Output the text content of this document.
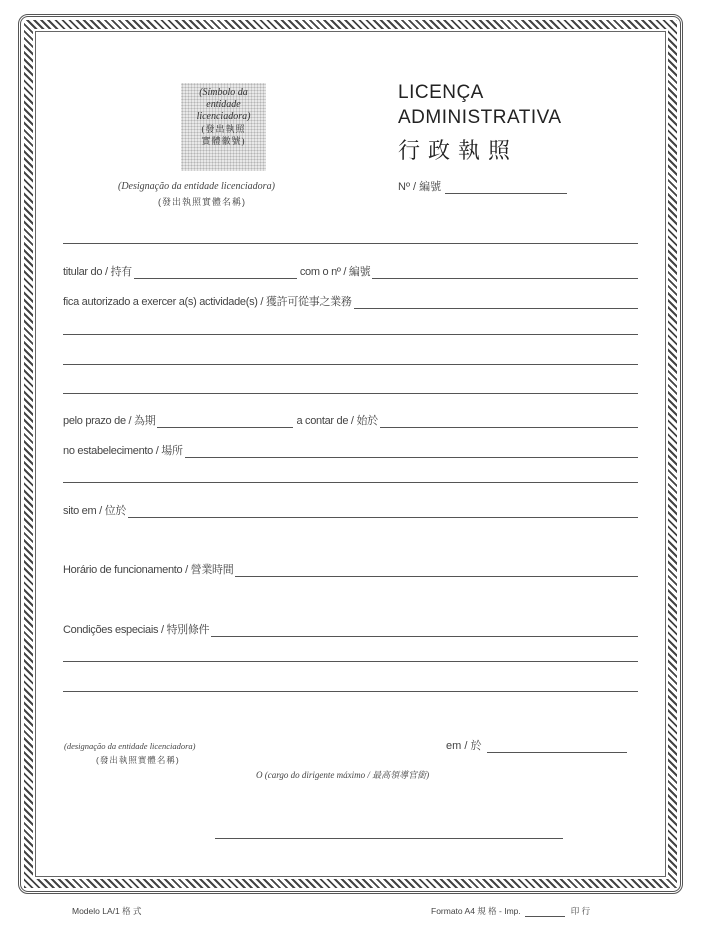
(Símbolo da
entidade
licenciadora)
(發出執照
實體徽號)
LICENÇA
ADMINISTRATIVA
行政執照
(Designação da entidade licenciadora)
(發出執照實體名稱)
Nº / 編號
titular do / 持有	com o nº / 編號
fica autorizado a exercer a(s) actividade(s) / 獲許可從事之業務
pelo prazo de / 為期	a contar de / 始於
no estabelecimento / 場所
sito em / 位於
Horário de funcionamento / 營業時間
Condições especiais / 特別條件
(designação da entidade licenciadora)
(發出執照實體名稱)
em / 於
O (cargo do dirigente máximo / 最高領導官銜)
Modelo LA/1 格 式	Formato A4 規 格 - Imp.	印 行
